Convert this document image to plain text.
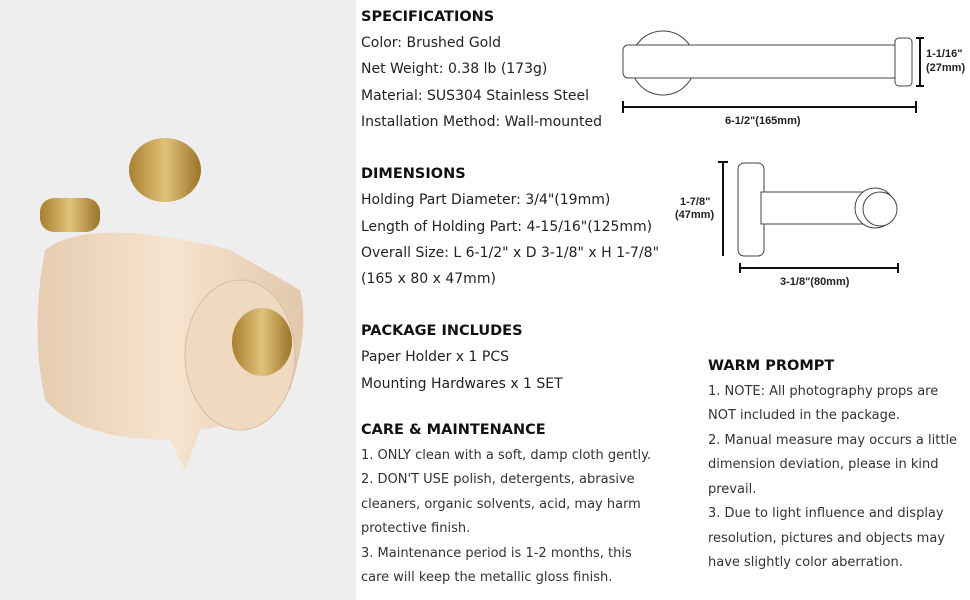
SPECIFICATIONS
Color: Brushed Gold
Net Weight: 0.38 lb (173g)
Material: SUS304 Stainless Steel
Installation Method: Wall-mounted
DIMENSIONS
Holding Part Diameter: 3/4"(19mm)
Length of Holding Part: 4-15/16"(125mm)
Overall Size: L 6-1/2" x D 3-1/8" x H 1-7/8"
(165 x 80 x 47mm)
PACKAGE INCLUDES
Paper Holder x 1 PCS
Mounting Hardwares x 1 SET
CARE & MAINTENANCE
1. ONLY clean with a soft, damp cloth gently.
2. DON'T USE polish, detergents, abrasive
cleaners, organic solvents, acid, may harm
protective finish.
3. Maintenance period is 1-2 months, this
care will keep the metallic gloss finish.
WARM PROMPT
1. NOTE: All photography props are
NOT included in the package.
2. Manual measure may occurs a little
dimension deviation, please in kind
prevail.
3. Due to light influence and display
resolution, pictures and objects may
have slightly color aberration.
1-1/16"
(27mm)
6-1/2"(165mm)
1-7/8"
(47mm)
3-1/8"(80mm)
